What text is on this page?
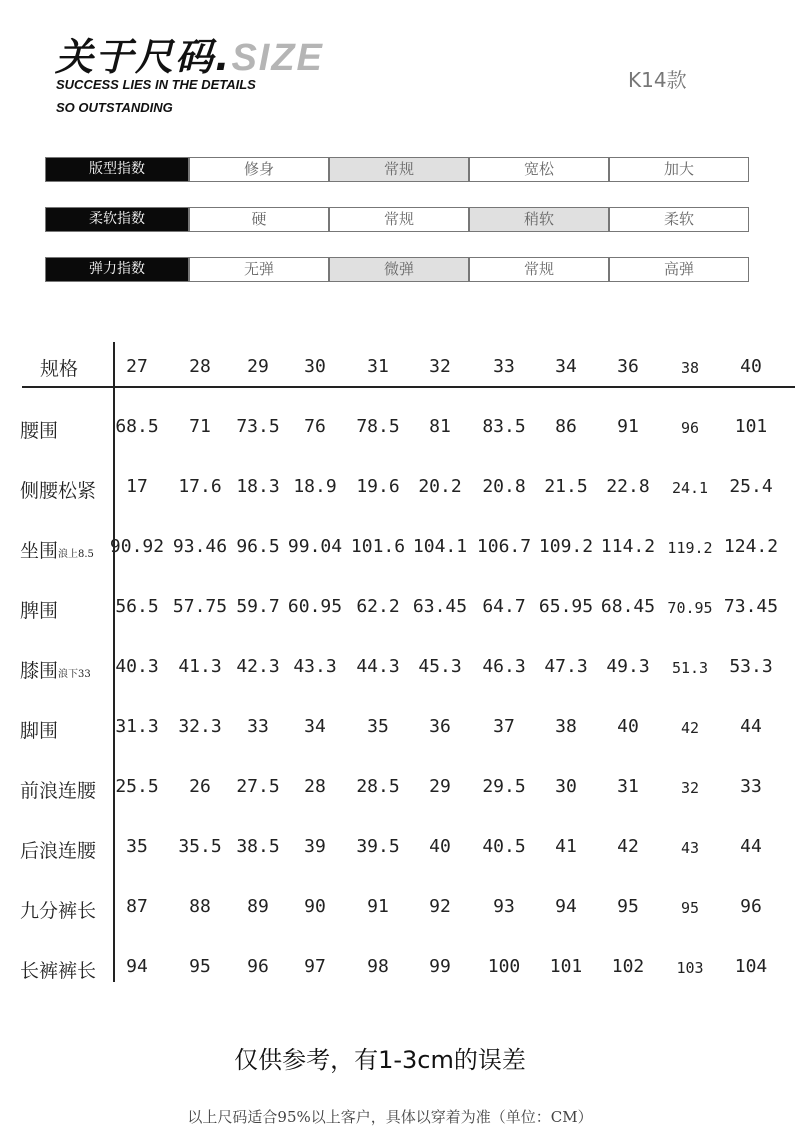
关于尺码.SIZE
SUCCESS LIES IN THE DETAILS
SO OUTSTANDING
K14款
版型指数	修身	常规	宽松	加大
柔软指数	硬	常规	稍软	柔软
弹力指数	无弹	微弹	常规	高弹
规格	27 28 29 30 31 32 33 34 36	38 40
腰围	68.5 71 73.5 76 78.5 81 83.5 86 91	96 101
侧腰松紧 17 17.6 18.3 18.9 19.6 20.2 20.8 21.5 22.8 24.1 25.4
坐围浪上8.5 90.92 93.46 96.5 99.04 101.6 104.1 106.7 109.2 114.2 119.2 124.2
脾围	56.5 57.75 59.7 60.95 62.2 63.45 64.7 65.95 68.45 70.95 73.45
膝围浪下33 40.3 41.3 42.3 43.3 44.3 45.3 46.3 47.3 49.3 51.3 53.3
脚围	31.3 32.3 33 34 35 36 37 38 40	42 44
前浪连腰 25.5 26 27.5 28 28.5 29 29.5 30 31	32 33
后浪连腰 35 35.5 38.5 39 39.5 40 40.5 41 42	43 44
九分裤长 87 88 89 90 91 92 93 94 95	95 96
长裤裤长 94 95 96 97 98 99 100 101 102 103 104
仅供参考，有1-3cm的误差
以上尺码适合95%以上客户，具体以穿着为准（单位：CM）
